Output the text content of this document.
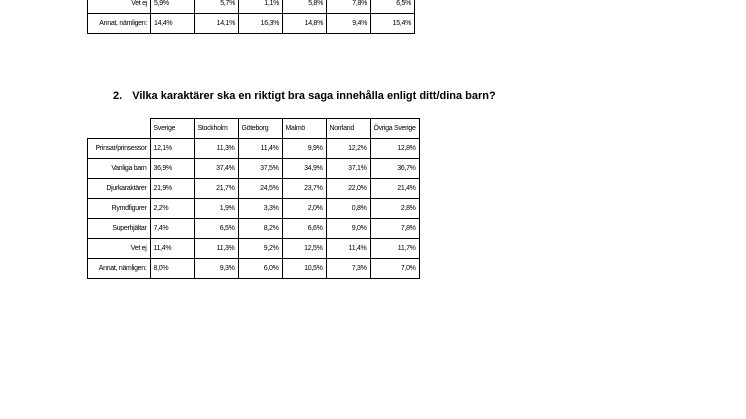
Vet ej	5,9%	5,7%	1,1%	5,8%	7,8%	6,5%
Annat, nämligen:	14,4%	14,1%	16,3%	14,8%	9,4%	15,4%
2. Vilka karaktärer ska en riktigt bra saga innehålla enligt ditt/dina barn?
	Sverige	Stockholm	Göteborg	Malmö	Norrland	Övriga Sverige
Prinsar/prinsessor	12,1%	11,3%	11,4%	9,9%	12,2%	12,8%
Vanliga barn	36,9%	37,4%	37,5%	34,9%	37,1%	36,7%
Djurkaraktärer	21,9%	21,7%	24,5%	23,7%	22,0%	21,4%
Rymdfigurer	2,2%	1,9%	3,3%	2,0%	0,8%	2,8%
Superhjältar	7,4%	6,5%	8,2%	6,6%	9,0%	7,8%
Vet ej	11,4%	11,3%	9,2%	12,5%	11,4%	11,7%
Annat, nämligen:	8,0%	9,3%	6,0%	10,5%	7,3%	7,0%
